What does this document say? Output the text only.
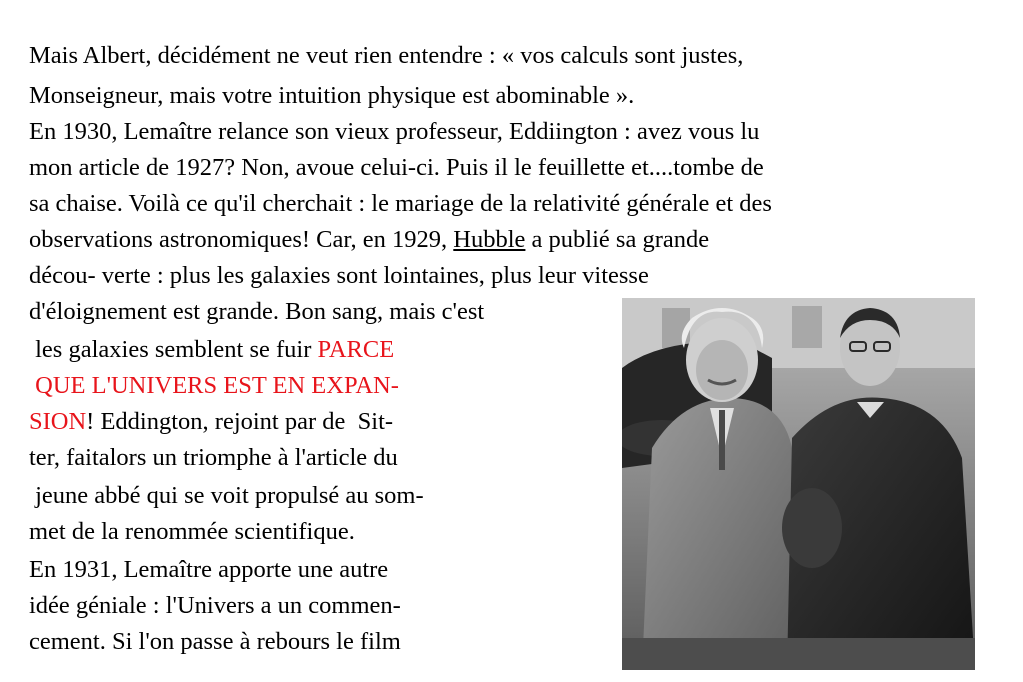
Mais Albert, décidément ne veut rien entendre : « vos calculs sont justes,

Monseigneur, mais votre intuition physique est abominable ».

En 1930, Lemaître relance son vieux professeur, Eddiington : avez vous lu

mon article de 1927? Non, avoue celui-ci. Puis il le feuillette et....tombe de

sa chaise. Voilà ce qu'il cherchait : le mariage de la relativité générale et des

observations astronomiques! Car, en 1929, Hubble a publié sa grande

décou- verte : plus les galaxies sont lointaines, plus leur vitesse

d'éloignement est grande. Bon sang, mais c'est

les galaxies semblent se fuir PARCE

QUE L'UNIVERS EST EN EXPAN-

SION! Eddington, rejoint par de  Sit-

ter, faitalors un triomphe à l'article du

jeune abbé qui se voit propulsé au som-

met de la renommée scientifique.

En 1931, Lemaître apporte une autre

idée géniale : l'Univers a un commen-

cement. Si l'on passe à rebours le film
